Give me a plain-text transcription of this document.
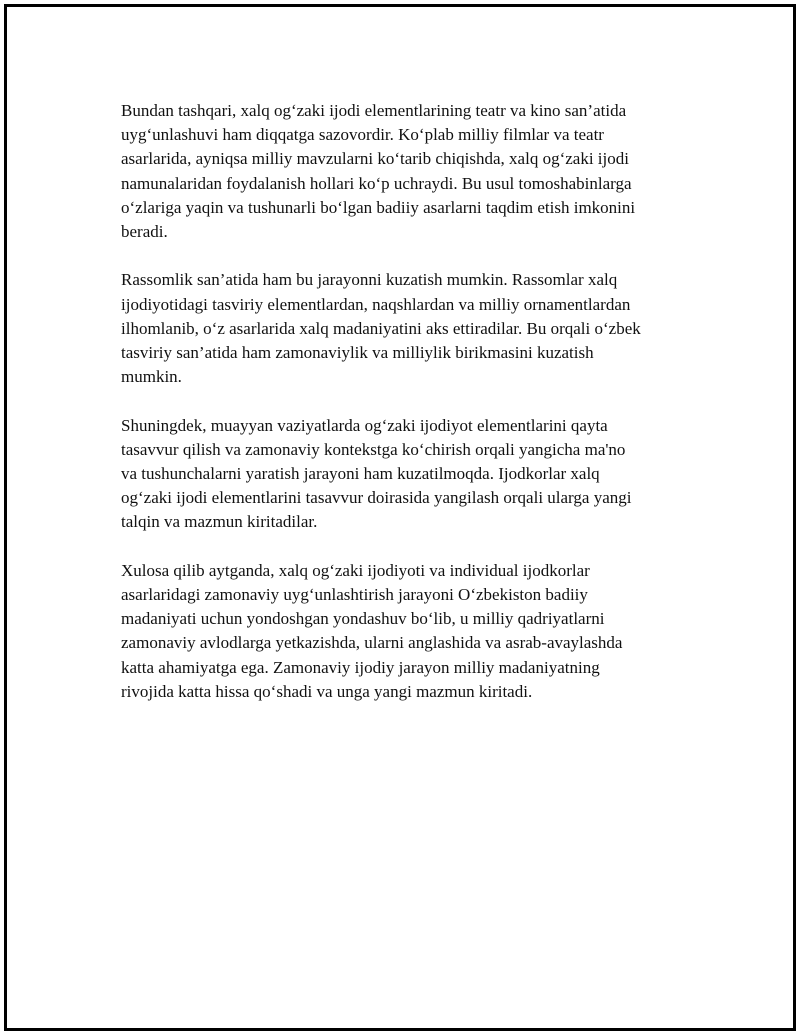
Bundan tashqari, xalq og‘zaki ijodi elementlarining teatr va kino san’atida
uyg‘unlashuvi ham diqqatga sazovordir. Ko‘plab milliy filmlar va teatr
asarlarida, ayniqsa milliy mavzularni ko‘tarib chiqishda, xalq og‘zaki ijodi
namunalaridan foydalanish hollari ko‘p uchraydi. Bu usul tomoshabinlarga
o‘zlariga yaqin va tushunarli bo‘lgan badiiy asarlarni taqdim etish imkonini
beradi.

Rassomlik san’atida ham bu jarayonni kuzatish mumkin. Rassomlar xalq
ijodiyotidagi tasviriy elementlardan, naqshlardan va milliy ornamentlardan
ilhomlanib, o‘z asarlarida xalq madaniyatini aks ettiradilar. Bu orqali o‘zbek
tasviriy san’atida ham zamonaviylik va milliylik birikmasini kuzatish
mumkin.

Shuningdek, muayyan vaziyatlarda og‘zaki ijodiyot elementlarini qayta
tasavvur qilish va zamonaviy kontekstga ko‘chirish orqali yangicha ma'no
va tushunchalarni yaratish jarayoni ham kuzatilmoqda. Ijodkorlar xalq
og‘zaki ijodi elementlarini tasavvur doirasida yangilash orqali ularga yangi
talqin va mazmun kiritadilar.

Xulosa qilib aytganda, xalq og‘zaki ijodiyoti va individual ijodkorlar
asarlaridagi zamonaviy uyg‘unlashtirish jarayoni O‘zbekiston badiiy
madaniyati uchun yondoshgan yondashuv bo‘lib, u milliy qadriyatlarni
zamonaviy avlodlarga yetkazishda, ularni anglashida va asrab-avaylashda
katta ahamiyatga ega. Zamonaviy ijodiy jarayon milliy madaniyatning
rivojida katta hissa qo‘shadi va unga yangi mazmun kiritadi.
